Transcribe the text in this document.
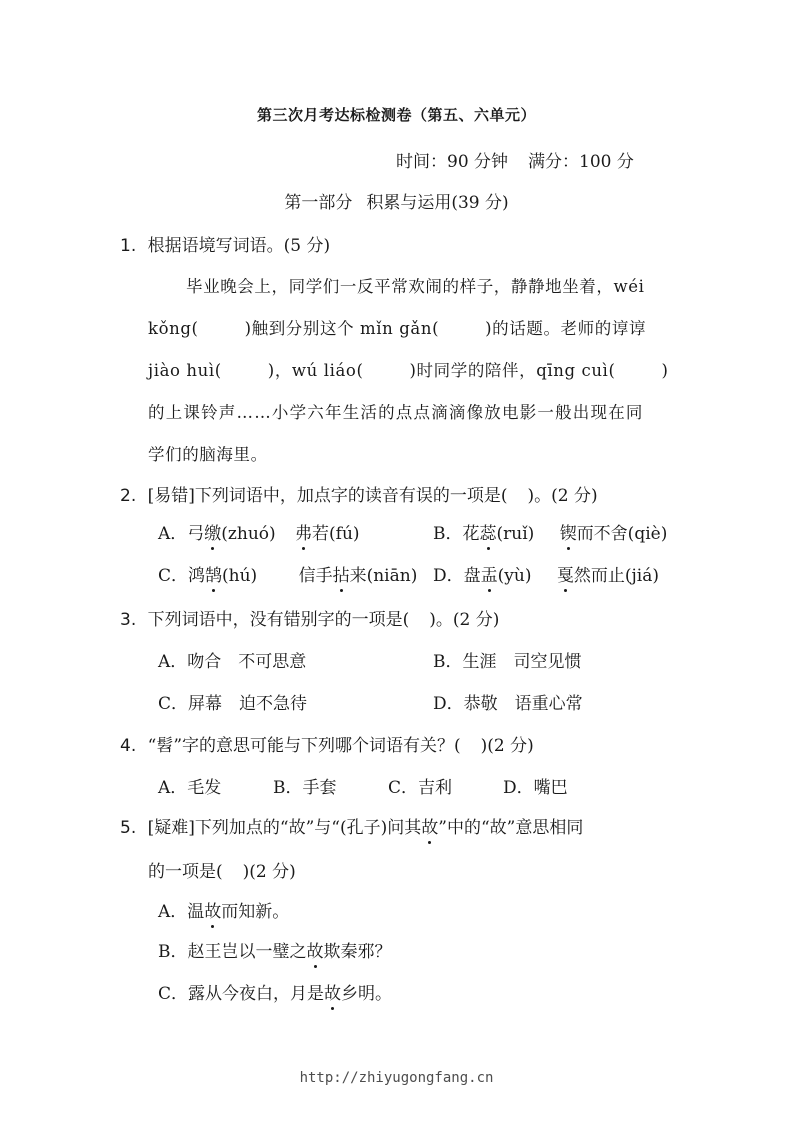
第三次月考达标检测卷（第五、六单元）
时间：90 分钟 满分：100 分
第一部分 积累与运用(39 分)
1. 根据语境写词语。(5 分)
毕业晚会上，同学们一反平常欢闹的样子，静静地坐着，wéi
kǒng(	)触到分别这个 mǐn gǎn(	)的话题。老师的谆谆
jiào huì(	)，wú liáo(	)时同学的陪伴，qīng cuì(	)
的上课铃声……小学六年生活的点点滴滴像放电影一般出现在同
学们的脑海里。
2. [易错]下列词语中，加点字的读音有误的一项是( )。(2 分)
A．弓缴(zhuó) 弗若(fú)	B．花蕊(ruǐ) 锲而不舍(qiè)
C．鸿鹄(hú) 信手拈来(niān) D．盘盂(yù) 戛然而止(jiá)
3. 下列词语中，没有错别字的一项是( )。(2 分)
A．吻合　不可思意	B．生涯　司空见惯
C．屏幕　迫不急待	D．恭敬　语重心常
4. “髫”字的意思可能与下列哪个词语有关？( )(2 分)
A．毛发	B．手套	C．吉利	D．嘴巴
5. [疑难]下列加点的“故”与“(孔子)问其故”中的“故”意思相同
的一项是( )(2 分)
A．温故而知新。
B．赵王岂以一璧之故欺秦邪？
C．露从今夜白，月是故乡明。
http://zhiyugongfang.cn
